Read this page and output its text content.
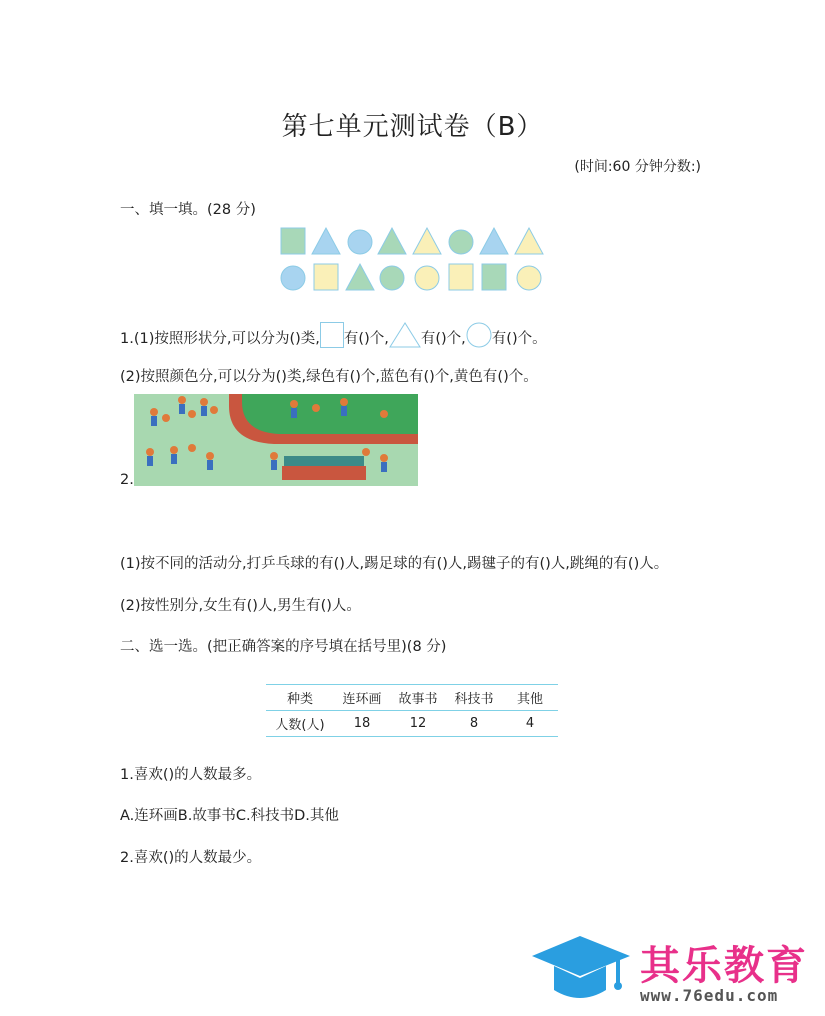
第七单元测试卷（B）
(时间:60 分钟分数:)
一、填一填。(28 分)
1.(1)按照形状分,可以分为()类, 有()个, 有()个, 有()个。
(2)按照颜色分,可以分为()类,绿色有()个,蓝色有()个,黄色有()个。
2.
(1)按不同的活动分,打乒乓球的有()人,踢足球的有()人,踢毽子的有()人,跳绳的有()人。
(2)按性别分,女生有()人,男生有()人。
二、选一选。(把正确答案的序号填在括号里)(8 分)
种类	连环画	故事书	科技书	其他
人数(人)	18	12	8	4
1.喜欢()的人数最多。
A.连环画B.故事书C.科技书D.其他
2.喜欢()的人数最少。
其乐教育
www.76edu.com
